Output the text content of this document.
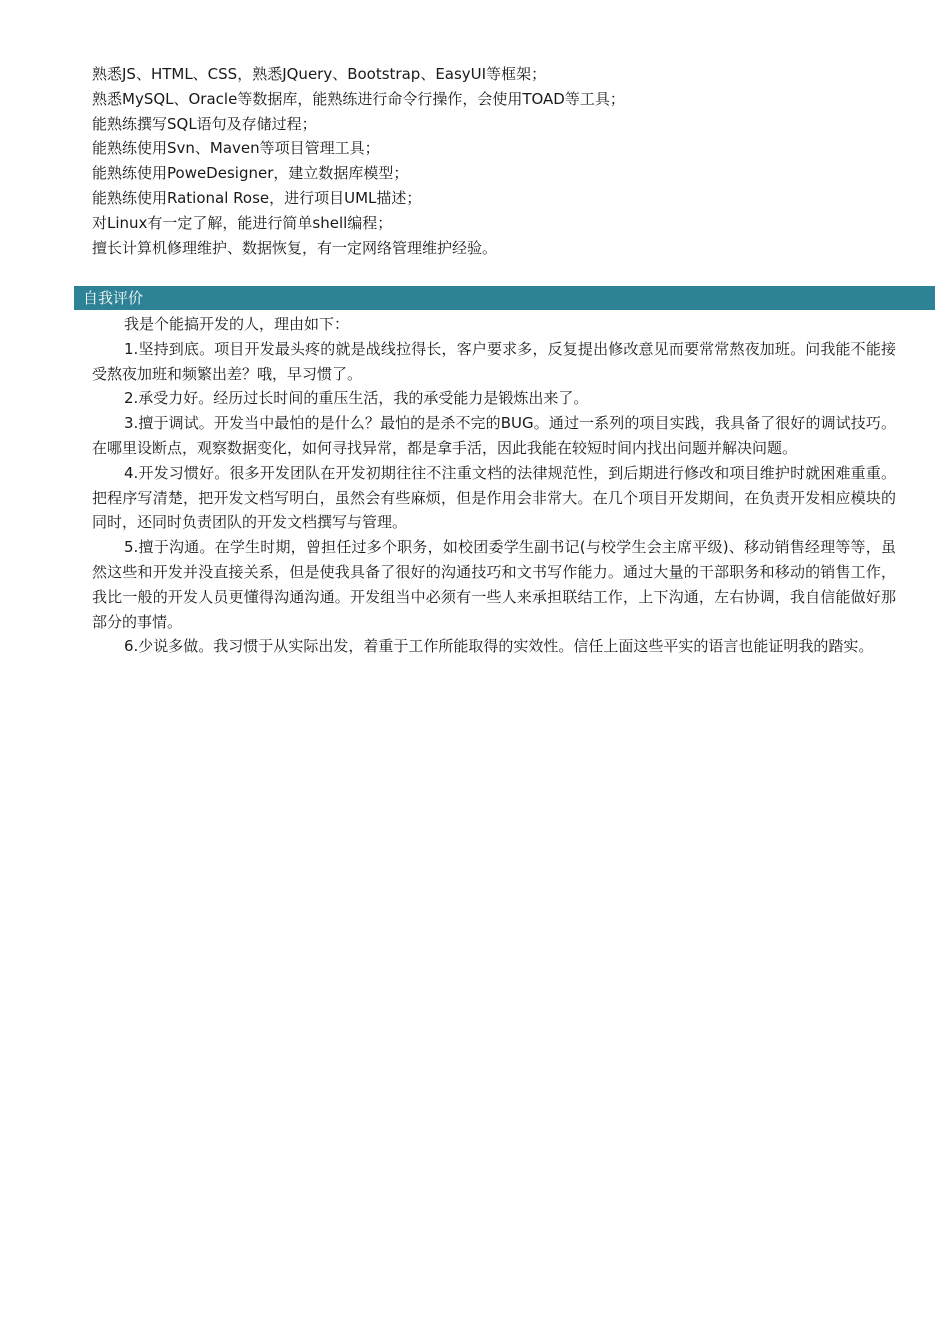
熟悉JS、HTML、CSS，熟悉JQuery、Bootstrap、EasyUI等框架；
熟悉MySQL、Oracle等数据库，能熟练进行命令行操作，会使用TOAD等工具；
能熟练撰写SQL语句及存储过程；
能熟练使用Svn、Maven等项目管理工具；
能熟练使用PoweDesigner，建立数据库模型；
能熟练使用Rational Rose，进行项目UML描述；
对Linux有一定了解，能进行简单shell编程；
擅长计算机修理维护、数据恢复，有一定网络管理维护经验。
自我评价

我是个能搞开发的人，理由如下：

1.坚持到底。项目开发最头疼的就是战线拉得长，客户要求多，反复提出修改意见而要常常熬夜加班。问我能不能接受熬夜加班和频繁出差？哦，早习惯了。

2.承受力好。经历过长时间的重压生活，我的承受能力是锻炼出来了。

3.擅于调试。开发当中最怕的是什么？最怕的是杀不完的BUG。通过一系列的项目实践，我具备了很好的调试技巧。在哪里设断点，观察数据变化，如何寻找异常，都是拿手活，因此我能在较短时间内找出问题并解决问题。

4.开发习惯好。很多开发团队在开发初期往往不注重文档的法律规范性，到后期进行修改和项目维护时就困难重重。把程序写清楚，把开发文档写明白，虽然会有些麻烦，但是作用会非常大。在几个项目开发期间，在负责开发相应模块的同时，还同时负责团队的开发文档撰写与管理。

5.擅于沟通。在学生时期，曾担任过多个职务，如校团委学生副书记(与校学生会主席平级)、移动销售经理等等，虽然这些和开发并没直接关系，但是使我具备了很好的沟通技巧和文书写作能力。通过大量的干部职务和移动的销售工作，我比一般的开发人员更懂得沟通沟通。开发组当中必须有一些人来承担联结工作，上下沟通，左右协调，我自信能做好那部分的事情。

6.少说多做。我习惯于从实际出发，着重于工作所能取得的实效性。信任上面这些平实的语言也能证明我的踏实。
